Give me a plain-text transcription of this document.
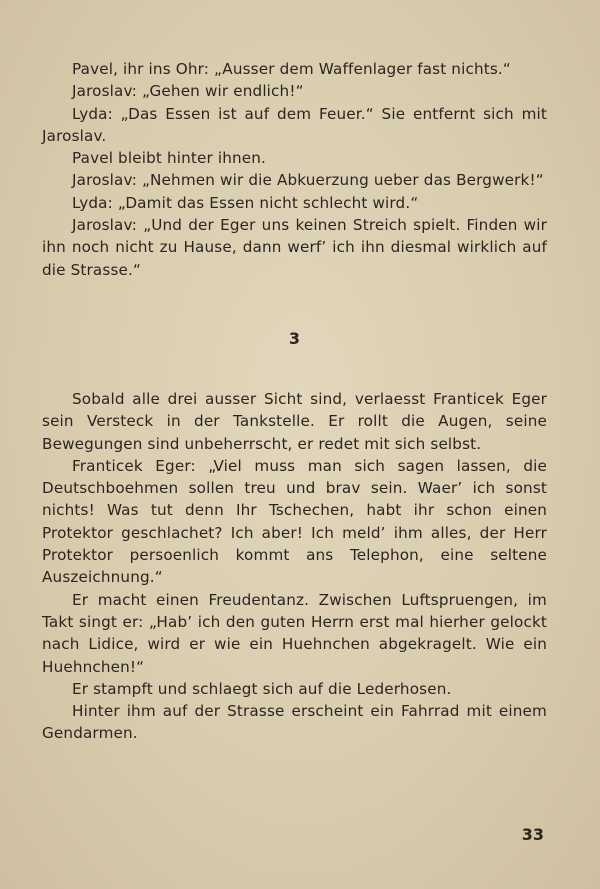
Pavel, ihr ins Ohr: „Ausser dem Waffenlager fast nichts.“

Jaroslav: „Gehen wir endlich!“

Lyda: „Das Essen ist auf dem Feuer.“ Sie entfernt sich mit Jaroslav.

Pavel bleibt hinter ihnen.

Jaroslav: „Nehmen wir die Abkuerzung ueber das Bergwerk!“

Lyda: „Damit das Essen nicht schlecht wird.“

Jaroslav: „Und der Eger uns keinen Streich spielt. Finden wir ihn noch nicht zu Hause, dann werf’ ich ihn diesmal wirklich auf die Strasse.“

3

Sobald alle drei ausser Sicht sind, verlaesst Franticek Eger sein Versteck in der Tankstelle. Er rollt die Augen, seine Bewegungen sind unbeherrscht, er redet mit sich selbst.

Franticek Eger: „Viel muss man sich sagen lassen, die Deutschboehmen sollen treu und brav sein. Waer’ ich sonst nichts! Was tut denn Ihr Tschechen, habt ihr schon einen Protektor geschlachet? Ich aber! Ich meld’ ihm alles, der Herr Protektor persoenlich kommt ans Telephon, eine seltene Auszeichnung.“

Er macht einen Freudentanz. Zwischen Luftspruengen, im Takt singt er: „Hab’ ich den guten Herrn erst mal hierher gelockt nach Lidice, wird er wie ein Huehnchen abgekragelt. Wie ein Huehnchen!“

Er stampft und schlaegt sich auf die Lederhosen.

Hinter ihm auf der Strasse erscheint ein Fahrrad mit einem Gendarmen.

33
